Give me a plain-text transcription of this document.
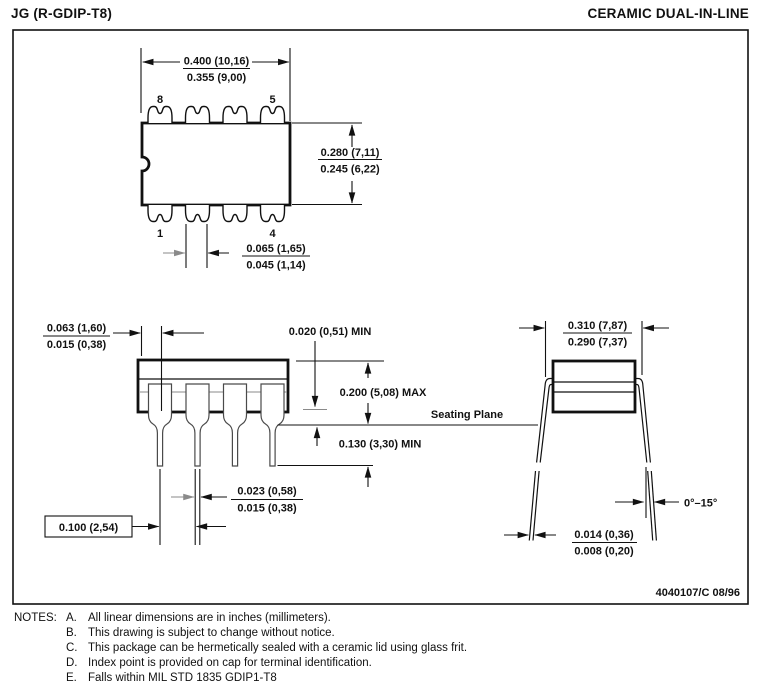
JG (R-GDIP-T8)	CERAMIC DUAL-IN-LINE
0.400 (10,16)
0.355 (9,00)
8	5
1	4
0.280 (7,11)
0.245 (6,22)
0.065 (1,65)
0.045 (1,14)
0.063 (1,60)
0.015 (0,38)
0.020 (0,51) MIN
0.200 (5,08) MAX
Seating Plane
0.130 (3,30) MIN
0.023 (0,58)
0.015 (0,38)
0.100 (2,54)
0.310 (7,87)
0.290 (7,37)
0°–15°
0.014 (0,36)
0.008 (0,20)
4040107/C 08/96
NOTES: A. All linear dimensions are in inches (millimeters).
B. This drawing is subject to change without notice.
C. This package can be hermetically sealed with a ceramic lid using glass frit.
D. Index point is provided on cap for terminal identification.
E. Falls within MIL STD 1835 GDIP1-T8
